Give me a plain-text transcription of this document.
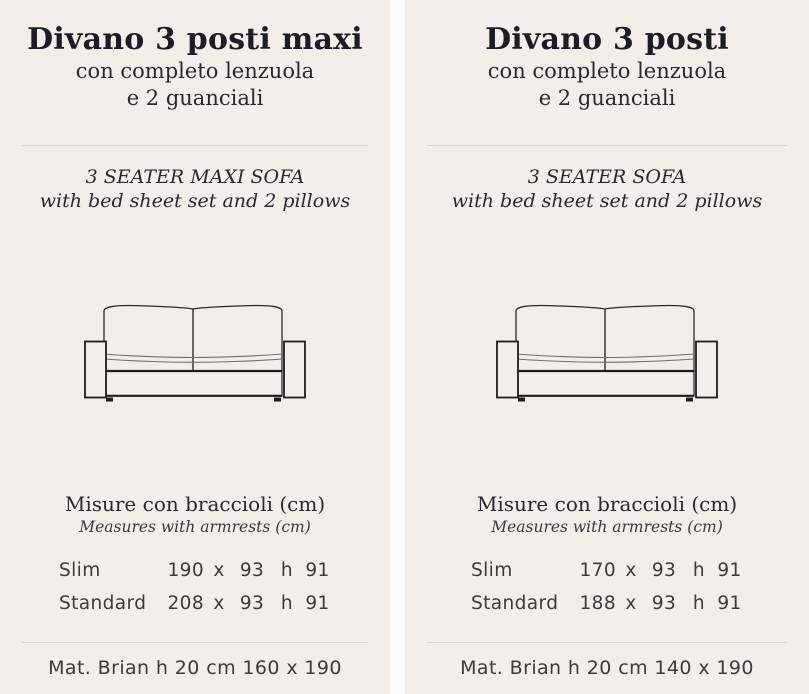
Divano 3 posti maxi
con completo lenzuola
e 2 guanciali
3 SEATER MAXI SOFA
with bed sheet set and 2 pillows
Misure con braccioli (cm)
Measures with armrests (cm)
Slim	190 x 93 h 91
Standard	208 x 93 h 91
Mat. Brian h 20 cm 160 x 190
Divano 3 posti
con completo lenzuola
e 2 guanciali
3 SEATER SOFA
with bed sheet set and 2 pillows
Misure con braccioli (cm)
Measures with armrests (cm)
Slim	170 x 93 h 91
Standard	188 x 93 h 91
Mat. Brian h 20 cm 140 x 190
